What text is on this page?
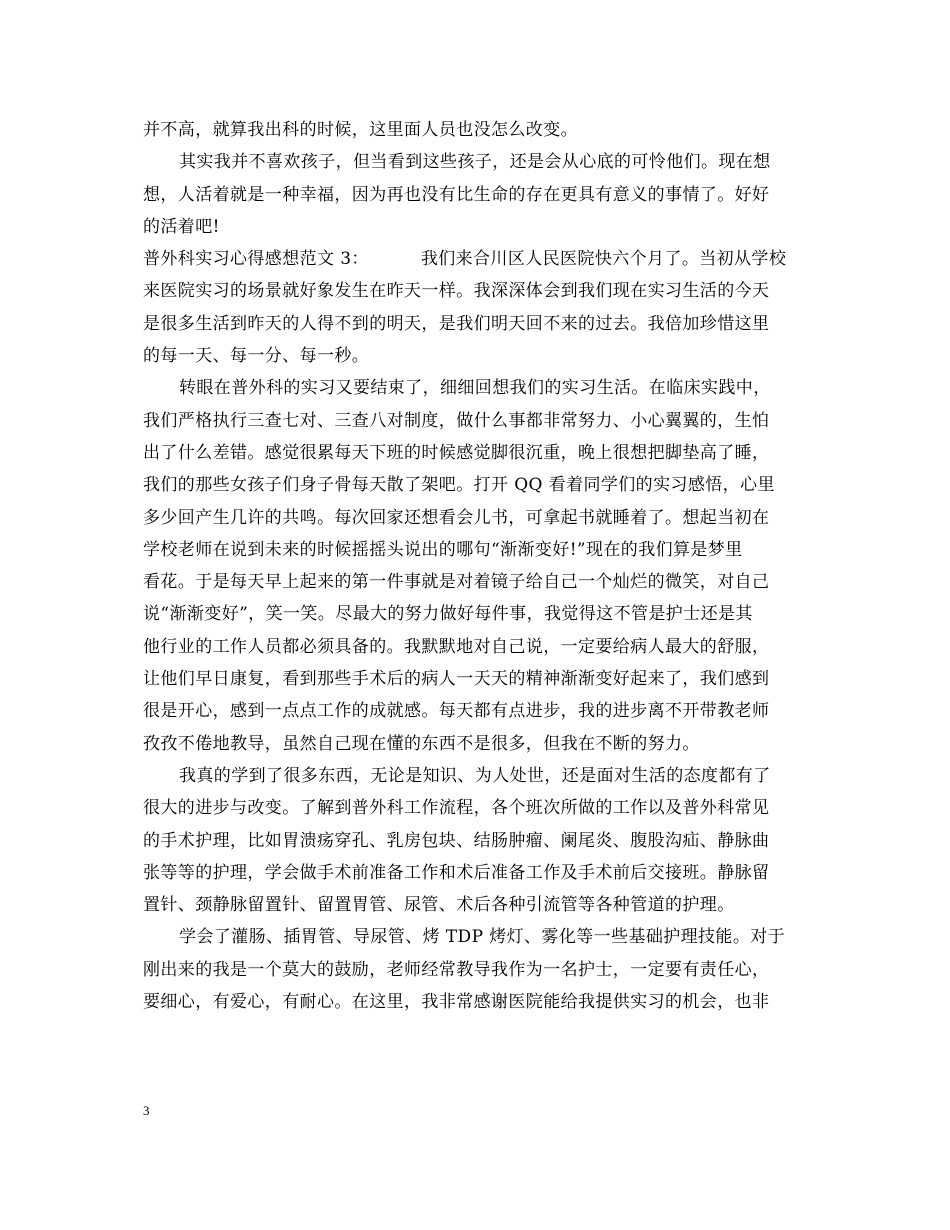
并不高，就算我出科的时候，这里面人员也没怎么改变。
其实我并不喜欢孩子，但当看到这些孩子，还是会从心底的可怜他们。现在想
想，人活着就是一种幸福，因为再也没有比生命的存在更具有意义的事情了。好好
的活着吧!
普外科实习心得感想范文 3：	我们来合川区人民医院快六个月了。当初从学校
来医院实习的场景就好象发生在昨天一样。我深深体会到我们现在实习生活的今天
是很多生活到昨天的人得不到的明天，是我们明天回不来的过去。我倍加珍惜这里
的每一天、每一分、每一秒。
转眼在普外科的实习又要结束了，细细回想我们的实习生活。在临床实践中，
我们严格执行三查七对、三查八对制度，做什么事都非常努力、小心翼翼的，生怕
出了什么差错。感觉很累每天下班的时候感觉脚很沉重，晚上很想把脚垫高了睡，
我们的那些女孩子们身子骨每天散了架吧。打开 QQ 看着同学们的实习感悟，心里
多少回产生几许的共鸣。每次回家还想看会儿书，可拿起书就睡着了。想起当初在
学校老师在说到未来的时候摇摇头说出的哪句“渐渐变好!”现在的我们算是梦里
看花。于是每天早上起来的第一件事就是对着镜子给自己一个灿烂的微笑，对自己
说“渐渐变好”，笑一笑。尽最大的努力做好每件事，我觉得这不管是护士还是其
他行业的工作人员都必须具备的。我默默地对自己说，一定要给病人最大的舒服，
让他们早日康复，看到那些手术后的病人一天天的精神渐渐变好起来了，我们感到
很是开心，感到一点点工作的成就感。每天都有点进步，我的进步离不开带教老师
孜孜不倦地教导，虽然自己现在懂的东西不是很多，但我在不断的努力。
我真的学到了很多东西，无论是知识、为人处世，还是面对生活的态度都有了
很大的进步与改变。了解到普外科工作流程，各个班次所做的工作以及普外科常见
的手术护理，比如胃溃疡穿孔、乳房包块、结肠肿瘤、阑尾炎、腹股沟疝、静脉曲
张等等的护理，学会做手术前准备工作和术后准备工作及手术前后交接班。静脉留
置针、颈静脉留置针、留置胃管、尿管、术后各种引流管等各种管道的护理。
学会了灌肠、插胃管、导尿管、烤 TDP 烤灯、雾化等一些基础护理技能。对于
刚出来的我是一个莫大的鼓励，老师经常教导我作为一名护士，一定要有责任心，
要细心，有爱心，有耐心。在这里，我非常感谢医院能给我提供实习的机会，也非
3
